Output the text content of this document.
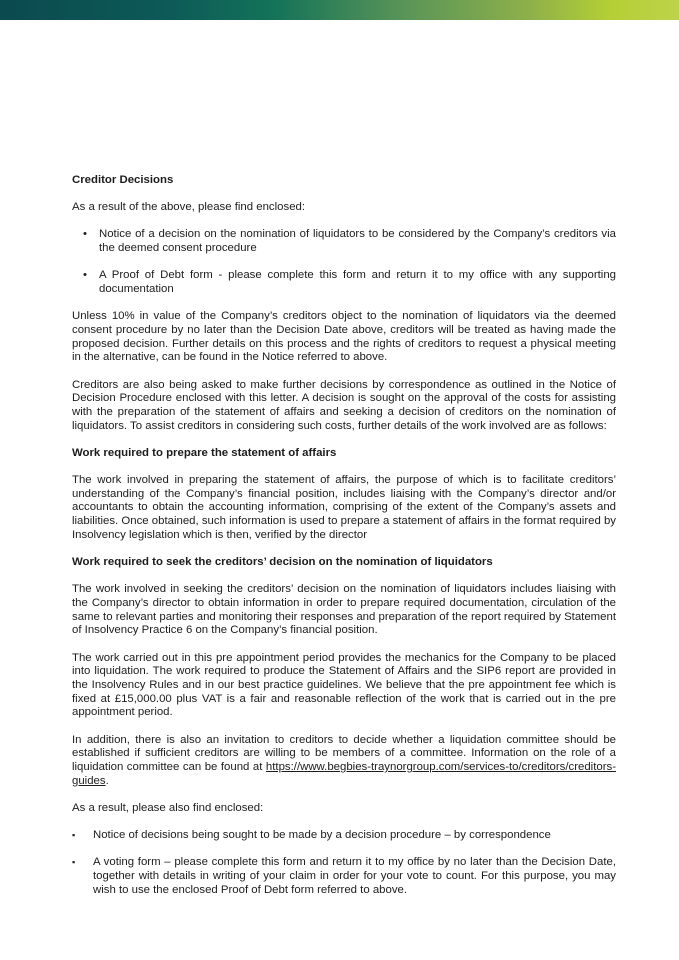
Creditor Decisions

As a result of the above, please find enclosed:

• Notice of a decision on the nomination of liquidators to be considered by the Company’s creditors via the deemed consent procedure
• A Proof of Debt form - please complete this form and return it to my office with any supporting documentation

Unless 10% in value of the Company’s creditors object to the nomination of liquidators via the deemed consent procedure by no later than the Decision Date above, creditors will be treated as having made the proposed decision. Further details on this process and the rights of creditors to request a physical meeting in the alternative, can be found in the Notice referred to above.

Creditors are also being asked to make further decisions by correspondence as outlined in the Notice of Decision Procedure enclosed with this letter. A decision is sought on the approval of the costs for assisting with the preparation of the statement of affairs and seeking a decision of creditors on the nomination of liquidators. To assist creditors in considering such costs, further details of the work involved are as follows:

Work required to prepare the statement of affairs

The work involved in preparing the statement of affairs, the purpose of which is to facilitate creditors’ understanding of the Company’s financial position, includes liaising with the Company’s director and/or accountants to obtain the accounting information, comprising of the extent of the Company’s assets and liabilities. Once obtained, such information is used to prepare a statement of affairs in the format required by Insolvency legislation which is then, verified by the director

Work required to seek the creditors’ decision on the nomination of liquidators

The work involved in seeking the creditors’ decision on the nomination of liquidators includes liaising with the Company’s director to obtain information in order to prepare required documentation, circulation of the same to relevant parties and monitoring their responses and preparation of the report required by Statement of Insolvency Practice 6 on the Company’s financial position.

The work carried out in this pre appointment period provides the mechanics for the Company to be placed into liquidation. The work required to produce the Statement of Affairs and the SIP6 report are provided in the Insolvency Rules and in our best practice guidelines. We believe that the pre appointment fee which is fixed at £15,000.00 plus VAT is a fair and reasonable reflection of the work that is carried out in the pre appointment period.

In addition, there is also an invitation to creditors to decide whether a liquidation committee should be established if sufficient creditors are willing to be members of a committee. Information on the role of a liquidation committee can be found at https://www.begbies-traynorgroup.com/services-to/creditors/creditors-guides.

As a result, please also find enclosed:

▪ Notice of decisions being sought to be made by a decision procedure – by correspondence
▪ A voting form – please complete this form and return it to my office by no later than the Decision Date, together with details in writing of your claim in order for your vote to count. For this purpose, you may wish to use the enclosed Proof of Debt form referred to above.
